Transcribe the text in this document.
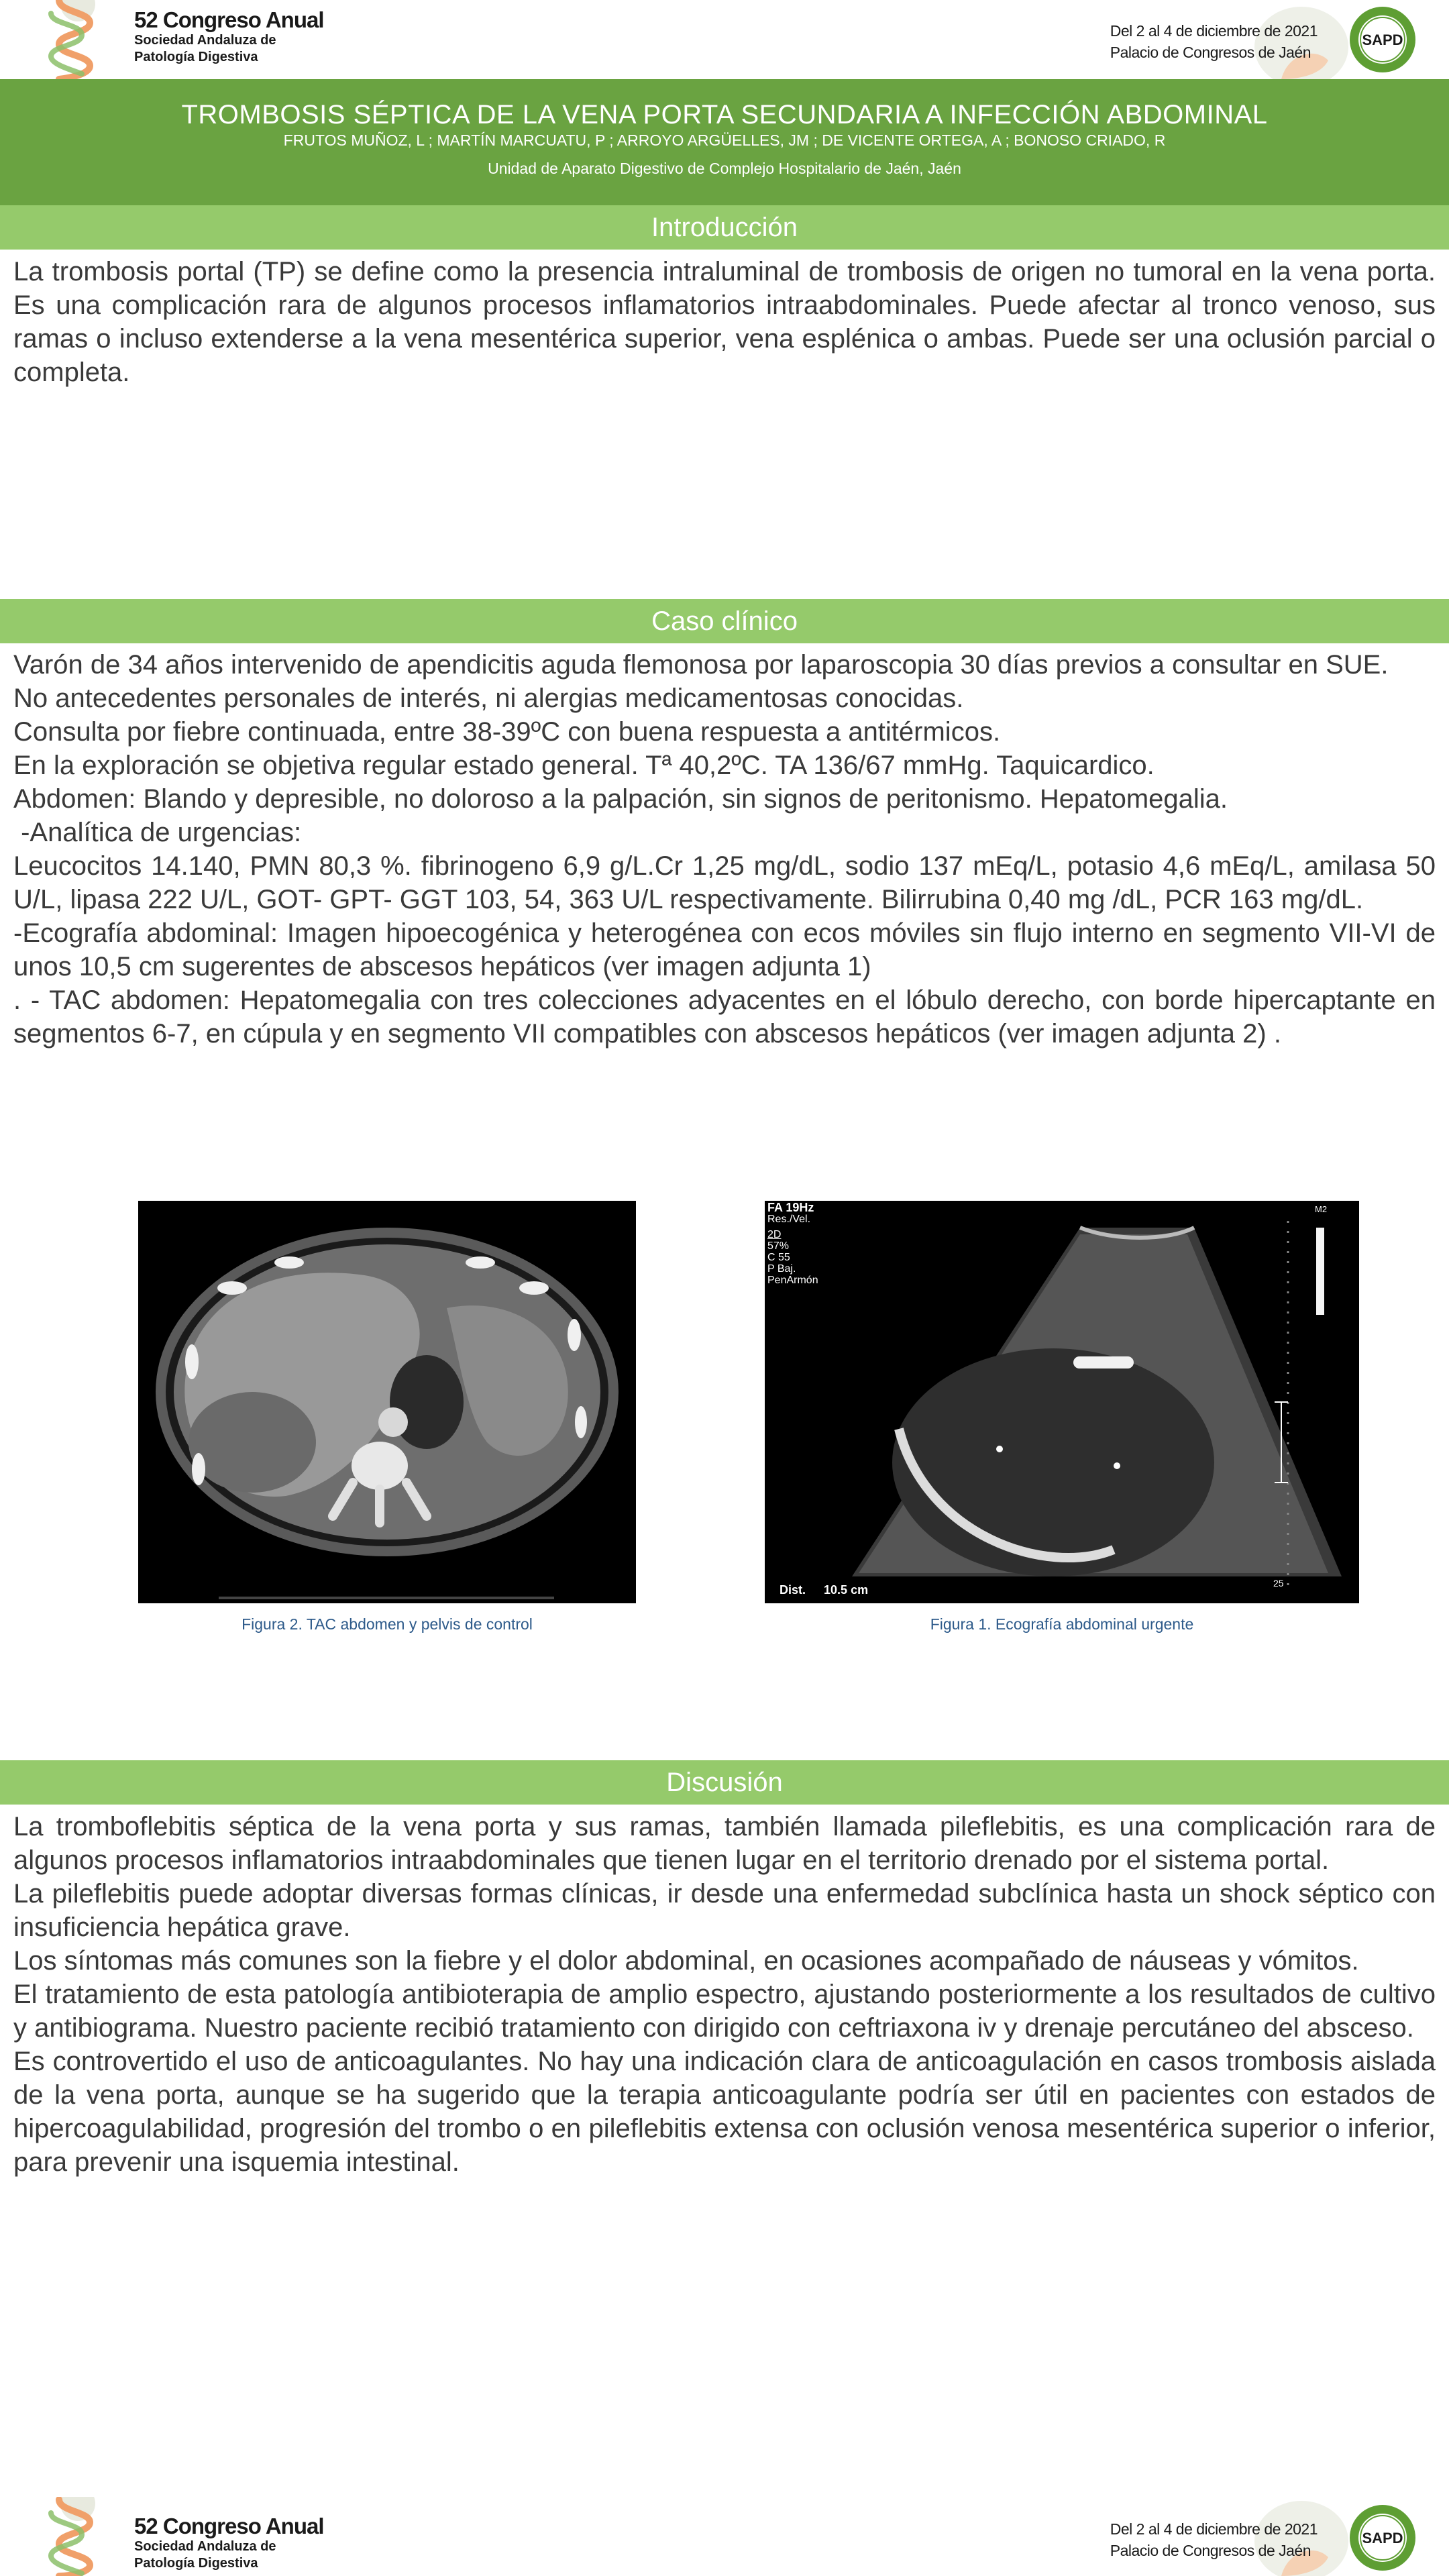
52 Congreso Anual
Sociedad Andaluza de
Patología Digestiva
Del 2 al 4 de diciembre de 2021
Palacio de Congresos de Jaén
SAPD
TROMBOSIS SÉPTICA DE LA VENA PORTA SECUNDARIA A INFECCIÓN ABDOMINAL
FRUTOS MUÑOZ, L ; MARTÍN MARCUATU, P ; ARROYO ARGÜELLES, JM ; DE VICENTE ORTEGA, A ; BONOSO CRIADO, R
Unidad de Aparato Digestivo de Complejo Hospitalario de Jaén, Jaén
Introducción

La trombosis portal (TP) se define como la presencia intraluminal de trombosis de origen no tumoral en la vena porta. Es una complicación rara de algunos procesos inflamatorios intraabdominales. Puede afectar al tronco venoso, sus ramas o incluso extenderse a la vena mesentérica superior, vena esplénica o ambas. Puede ser una oclusión parcial o completa.

Caso clínico

Varón de 34 años intervenido de apendicitis aguda flemonosa por laparoscopia 30 días previos a consultar en SUE.

No antecedentes personales de interés, ni alergias medicamentosas conocidas.

Consulta por fiebre continuada, entre 38-39ºC con buena respuesta a antitérmicos.

En la exploración se objetiva regular estado general. Tª 40,2ºC. TA 136/67 mmHg. Taquicardico.

Abdomen: Blando y depresible, no doloroso a la palpación, sin signos de peritonismo. Hepatomegalia.

-Analítica de urgencias:

Leucocitos 14.140, PMN 80,3 %. fibrinogeno 6,9 g/L.Cr 1,25 mg/dL, sodio 137 mEq/L, potasio 4,6 mEq/L, amilasa 50 U/L, lipasa 222 U/L, GOT- GPT- GGT 103, 54, 363 U/L respectivamente. Bilirrubina 0,40 mg /dL, PCR 163 mg/dL.

-Ecografía abdominal: Imagen hipoecogénica y heterogénea con ecos móviles sin flujo interno en segmento VII-VI de unos 10,5 cm sugerentes de abscesos hepáticos (ver imagen adjunta 1)

. - TAC abdomen: Hepatomegalia con tres colecciones adyacentes en el lóbulo derecho, con borde hipercaptante en segmentos 6-7, en cúpula y en segmento VII compatibles con abscesos hepáticos (ver imagen adjunta 2) .

FA 19Hz
Res./Vel.
2D
57%
C 55
P Baj.
PenArmón
M2
25
Dist. 10.5 cm
Figura 2. TAC abdomen y pelvis de control	Figura 1. Ecografía abdominal urgente
Discusión

La tromboflebitis séptica de la vena porta y sus ramas, también llamada pileflebitis, es una complicación rara de algunos procesos inflamatorios intraabdominales que tienen lugar en el territorio drenado por el sistema portal.

La pileflebitis puede adoptar diversas formas clínicas, ir desde una enfermedad subclínica hasta un shock séptico con insuficiencia hepática grave.

Los síntomas más comunes son la fiebre y el dolor abdominal, en ocasiones acompañado de náuseas y vómitos.

El tratamiento de esta patología antibioterapia de amplio espectro, ajustando posteriormente a los resultados de cultivo y antibiograma. Nuestro paciente recibió tratamiento con dirigido con ceftriaxona iv y drenaje percutáneo del absceso.

Es controvertido el uso de anticoagulantes. No hay una indicación clara de anticoagulación en casos trombosis aislada de la vena porta, aunque se ha sugerido que la terapia anticoagulante podría ser útil en pacientes con estados de hipercoagulabilidad, progresión del trombo o en pileflebitis extensa con oclusión venosa mesentérica superior o inferior, para prevenir una isquemia intestinal.

52 Congreso Anual
Sociedad Andaluza de
Patología Digestiva
Del 2 al 4 de diciembre de 2021
Palacio de Congresos de Jaén
SAPD
